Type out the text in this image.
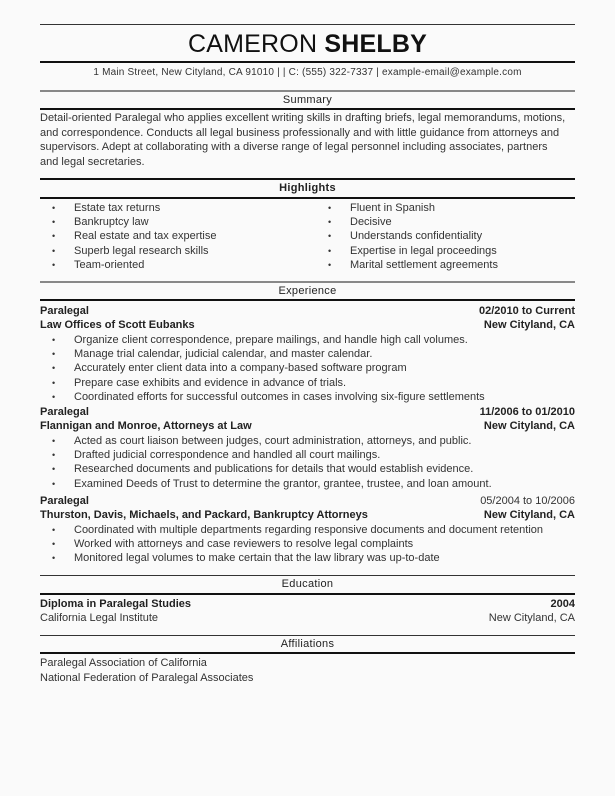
CAMERON SHELBY
1 Main Street, New Cityland, CA 91010 | | C: (555) 322-7337 | example-email@example.com
Summary
Detail-oriented Paralegal who applies excellent writing skills in drafting briefs, legal memorandums, motions,
and correspondence. Conducts all legal business professionally and with little guidance from attorneys and
supervisors. Adept at collaborating with a diverse range of legal personnel including associates, partners
and legal secretaries.
Highlights
• Estate tax returns
• Bankruptcy law
• Real estate and tax expertise
• Superb legal research skills
• Team-oriented
• Fluent in Spanish
• Decisive
• Understands confidentiality
• Expertise in legal proceedings
• Marital settlement agreements
Experience
Paralegal	02/2010 to Current
Law Offices of Scott Eubanks	New Cityland, CA
• Organize client correspondence, prepare mailings, and handle high call volumes.
• Manage trial calendar, judicial calendar, and master calendar.
• Accurately enter client data into a company-based software program
• Prepare case exhibits and evidence in advance of trials.
• Coordinated efforts for successful outcomes in cases involving six-figure settlements
Paralegal	11/2006 to 01/2010
Flannigan and Monroe, Attorneys at Law	New Cityland, CA
• Acted as court liaison between judges, court administration, attorneys, and public.
• Drafted judicial correspondence and handled all court mailings.
• Researched documents and publications for details that would establish evidence.
• Examined Deeds of Trust to determine the grantor, grantee, trustee, and loan amount.
Paralegal	05/2004 to 10/2006
Thurston, Davis, Michaels, and Packard, Bankruptcy Attorneys	New Cityland, CA
• Coordinated with multiple departments regarding responsive documents and document retention
• Worked with attorneys and case reviewers to resolve legal complaints
• Monitored legal volumes to make certain that the law library was up-to-date
Education
Diploma in Paralegal Studies	2004
California Legal Institute	New Cityland, CA
Affiliations
Paralegal Association of California
National Federation of Paralegal Associates
